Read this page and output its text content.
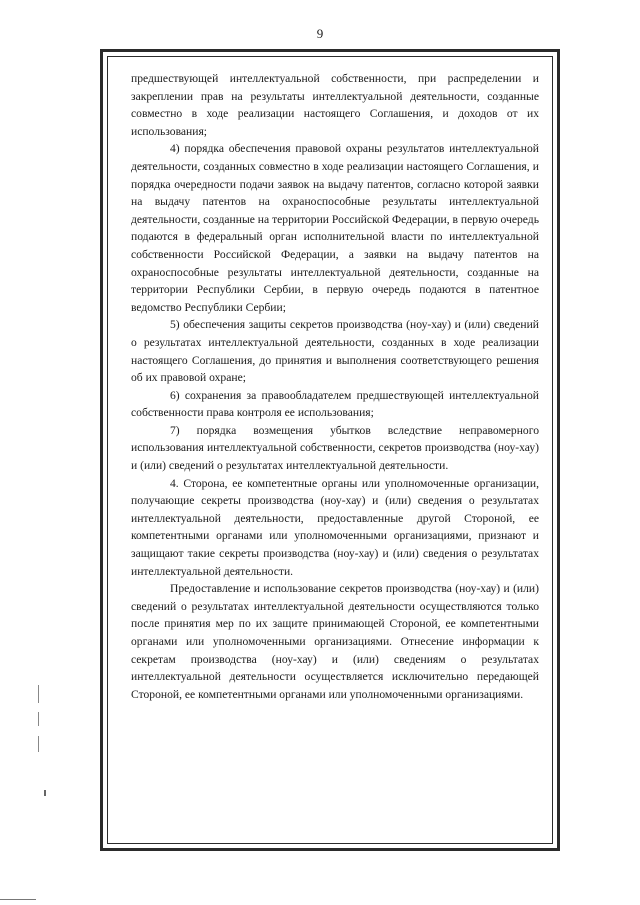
9

предшествующей интеллектуальной собственности, при распределении и закреплении прав на результаты интеллектуальной деятельности, созданные совместно в ходе реализации настоящего Соглашения, и доходов от их использования;

4) порядка обеспечения правовой охраны результатов интеллектуальной деятельности, созданных совместно в ходе реализации настоящего Соглашения, и порядка очередности подачи заявок на выдачу патентов, согласно которой заявки на выдачу патентов на охраноспособные результаты интеллектуальной деятельности, созданные на территории Российской Федерации, в первую очередь подаются в федеральный орган исполнительной власти по интеллектуальной собственности Российской Федерации, а заявки на выдачу патентов на охраноспособные результаты интеллектуальной деятельности, созданные на территории Республики Сербии, в первую очередь подаются в патентное ведомство Республики Сербии;

5) обеспечения защиты секретов производства (ноу-хау) и (или) сведений о результатах интеллектуальной деятельности, созданных в ходе реализации настоящего Соглашения, до принятия и выполнения соответствующего решения об их правовой охране;

6) сохранения за правообладателем предшествующей интеллектуальной собственности права контроля ее использования;

7) порядка возмещения убытков вследствие неправомерного использования интеллектуальной собственности, секретов производства (ноу-хау) и (или) сведений о результатах интеллектуальной деятельности.

4. Сторона, ее компетентные органы или уполномоченные организации, получающие секреты производства (ноу-хау) и (или) сведения о результатах интеллектуальной деятельности, предоставленные другой Стороной, ее компетентными органами или уполномоченными организациями, признают и защищают такие секреты производства (ноу-хау) и (или) сведения о результатах интеллектуальной деятельности.

Предоставление и использование секретов производства (ноу-хау) и (или) сведений о результатах интеллектуальной деятельности осуществляются только после принятия мер по их защите принимающей Стороной, ее компетентными органами или уполномоченными организациями. Отнесение информации к секретам производства (ноу-хау) и (или) сведениям о результатах интеллектуальной деятельности осуществляется исключительно передающей Стороной, ее компетентными органами или уполномоченными организациями.
